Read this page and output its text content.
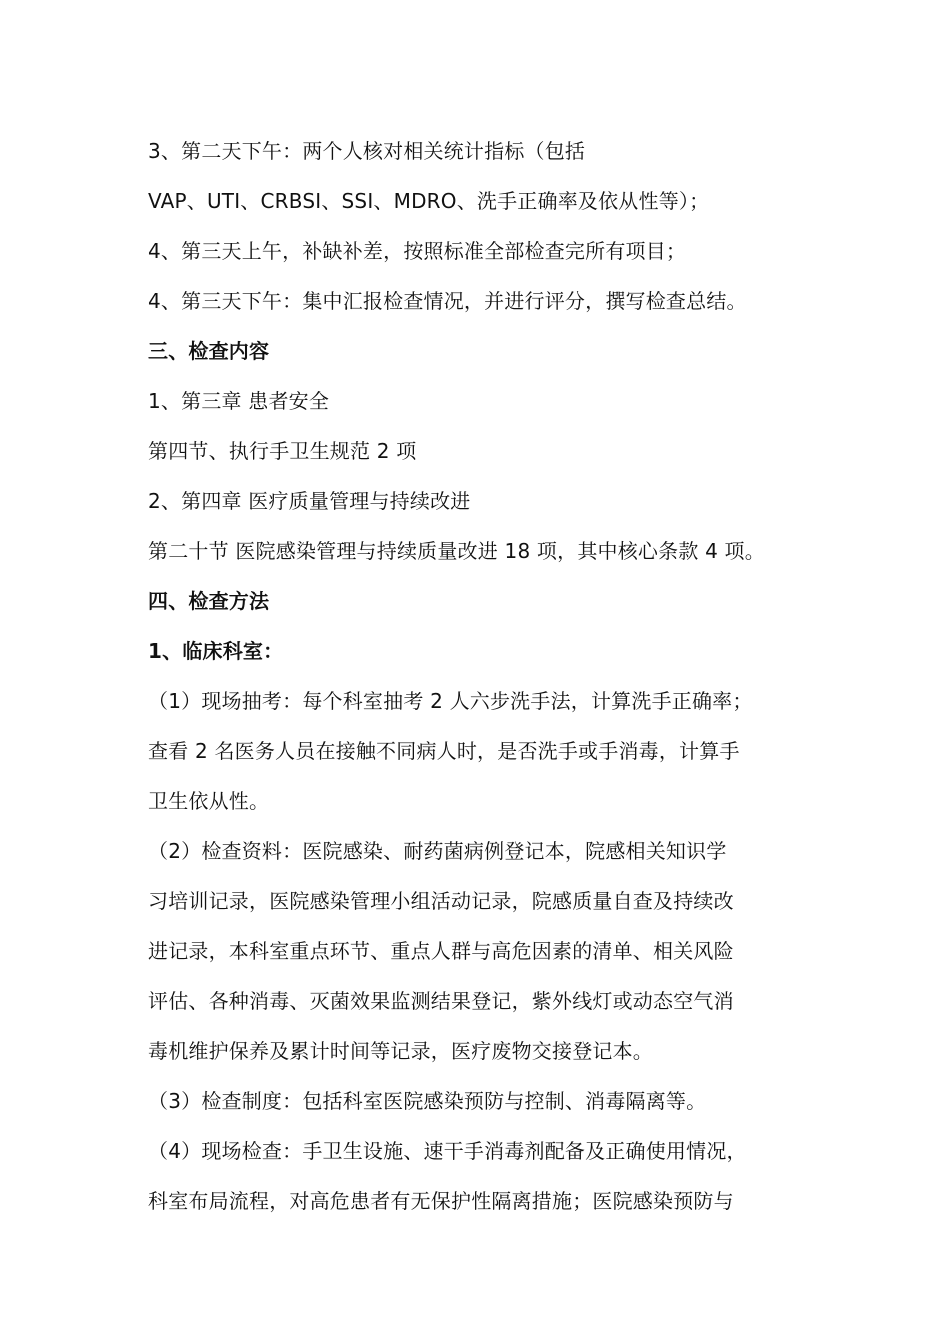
3、第二天下午：两个人核对相关统计指标（包括
VAP、UTI、CRBSI、SSI、MDRO、洗手正确率及依从性等）；
4、第三天上午，补缺补差，按照标准全部检查完所有项目；
4、第三天下午：集中汇报检查情况，并进行评分，撰写检查总结。
三、检查内容
1、第三章 患者安全
第四节、执行手卫生规范 2 项
2、第四章 医疗质量管理与持续改进
第二十节 医院感染管理与持续质量改进 18 项，其中核心条款 4 项。
四、检查方法
1、临床科室：
（1）现场抽考：每个科室抽考 2 人六步洗手法，计算洗手正确率；
查看 2 名医务人员在接触不同病人时，是否洗手或手消毒，计算手
卫生依从性。
（2）检查资料：医院感染、耐药菌病例登记本，院感相关知识学
习培训记录，医院感染管理小组活动记录，院感质量自查及持续改
进记录，本科室重点环节、重点人群与高危因素的清单、相关风险
评估、各种消毒、灭菌效果监测结果登记，紫外线灯或动态空气消
毒机维护保养及累计时间等记录，医疗废物交接登记本。
（3）检查制度：包括科室医院感染预防与控制、消毒隔离等。
（4）现场检查：手卫生设施、速干手消毒剂配备及正确使用情况，
科室布局流程，对高危患者有无保护性隔离措施；医院感染预防与
